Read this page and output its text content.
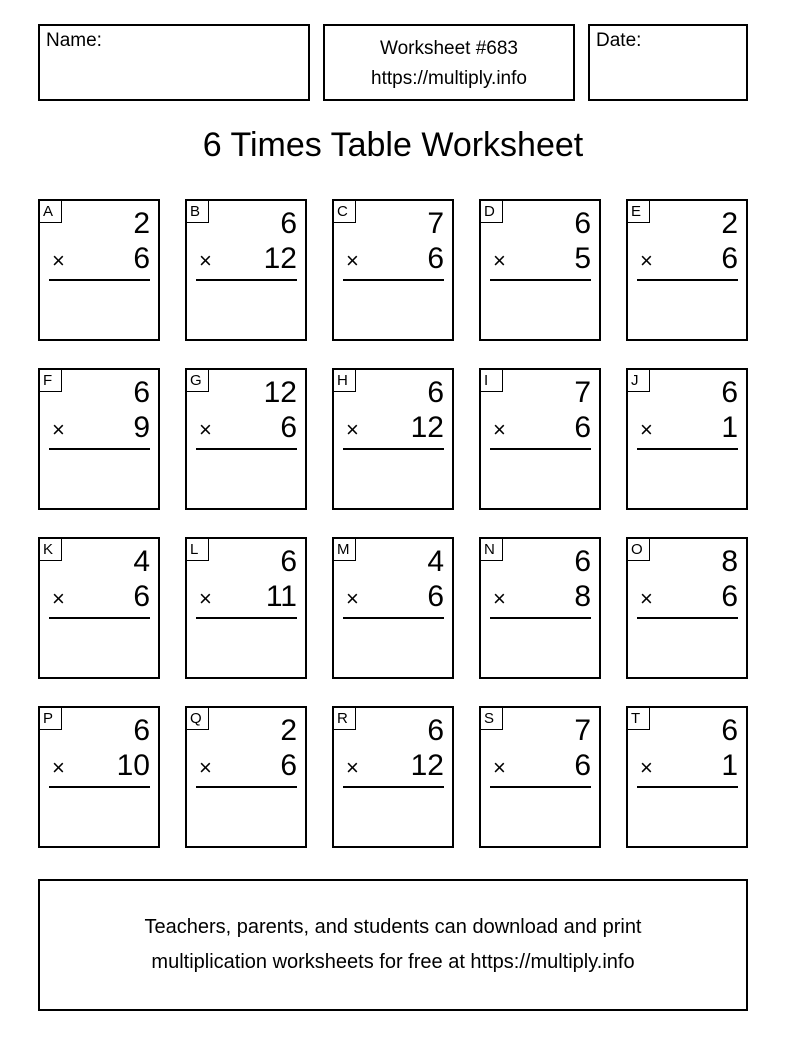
Name:	Worksheet #683
https://multiply.info
Date:
6 Times Table Worksheet
A	2
× 6
B	6
× 12
C	7
× 6
D	6
× 5
E	2
× 6
F	6
× 9
G 12
× 6
H	6
× 12
I	7
× 6
J	6
× 1
K	4
× 6
L	6
× 11
M	4
× 6
N	6
× 8
O	8
× 6
P	6
× 10
Q	2
× 6
R	6
× 12
S	7
× 6
T	6
× 1
Teachers, parents, and students can download and print
multiplication worksheets for free at https://multiply.info
